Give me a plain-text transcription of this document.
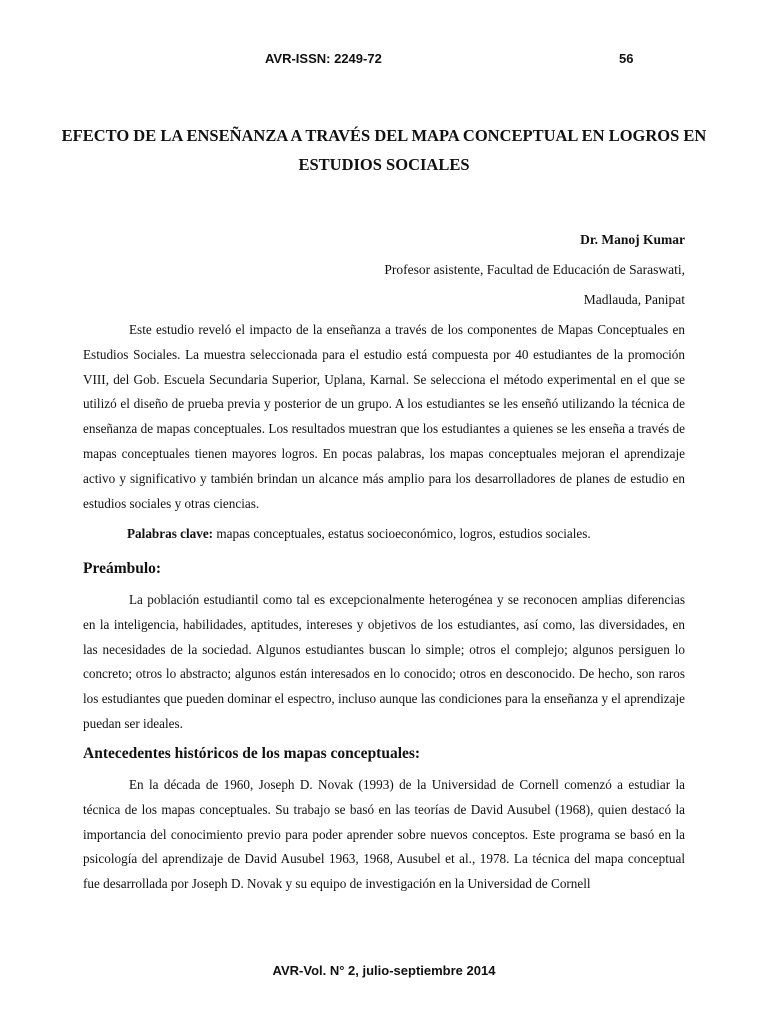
AVR-ISSN: 2249-72	56
EFECTO DE LA ENSEÑANZA A TRAVÉS DEL MAPA CONCEPTUAL EN LOGROS EN ESTUDIOS SOCIALES
Dr. Manoj Kumar
Profesor asistente, Facultad de Educación de Saraswati,
Madlauda, Panipat

Este estudio reveló el impacto de la enseñanza a través de los componentes de Mapas Conceptuales en Estudios Sociales. La muestra seleccionada para el estudio está compuesta por 40 estudiantes de la promoción VIII, del Gob. Escuela Secundaria Superior, Uplana, Karnal. Se selecciona el método experimental en el que se utilizó el diseño de prueba previa y posterior de un grupo. A los estudiantes se les enseñó utilizando la técnica de enseñanza de mapas conceptuales. Los resultados muestran que los estudiantes a quienes se les enseña a través de mapas conceptuales tienen mayores logros. En pocas palabras, los mapas conceptuales mejoran el aprendizaje activo y significativo y también brindan un alcance más amplio para los desarrolladores de planes de estudio en estudios sociales y otras ciencias.

Palabras clave: mapas conceptuales, estatus socioeconómico, logros, estudios sociales.

Preámbulo:

La población estudiantil como tal es excepcionalmente heterogénea y se reconocen amplias diferencias en la inteligencia, habilidades, aptitudes, intereses y objetivos de los estudiantes, así como, las diversidades, en las necesidades de la sociedad. Algunos estudiantes buscan lo simple; otros el complejo; algunos persiguen lo concreto; otros lo abstracto; algunos están interesados en lo conocido; otros en desconocido. De hecho, son raros los estudiantes que pueden dominar el espectro, incluso aunque las condiciones para la enseñanza y el aprendizaje puedan ser ideales.

Antecedentes históricos de los mapas conceptuales:

En la década de 1960, Joseph D. Novak (1993) de la Universidad de Cornell comenzó a estudiar la técnica de los mapas conceptuales. Su trabajo se basó en las teorías de David Ausubel (1968), quien destacó la importancia del conocimiento previo para poder aprender sobre nuevos conceptos. Este programa se basó en la psicología del aprendizaje de David Ausubel 1963, 1968, Ausubel et al., 1978. La técnica del mapa conceptual fue desarrollada por Joseph D. Novak y su equipo de investigación en la Universidad de Cornell

AVR-Vol. N° 2, julio-septiembre 2014
